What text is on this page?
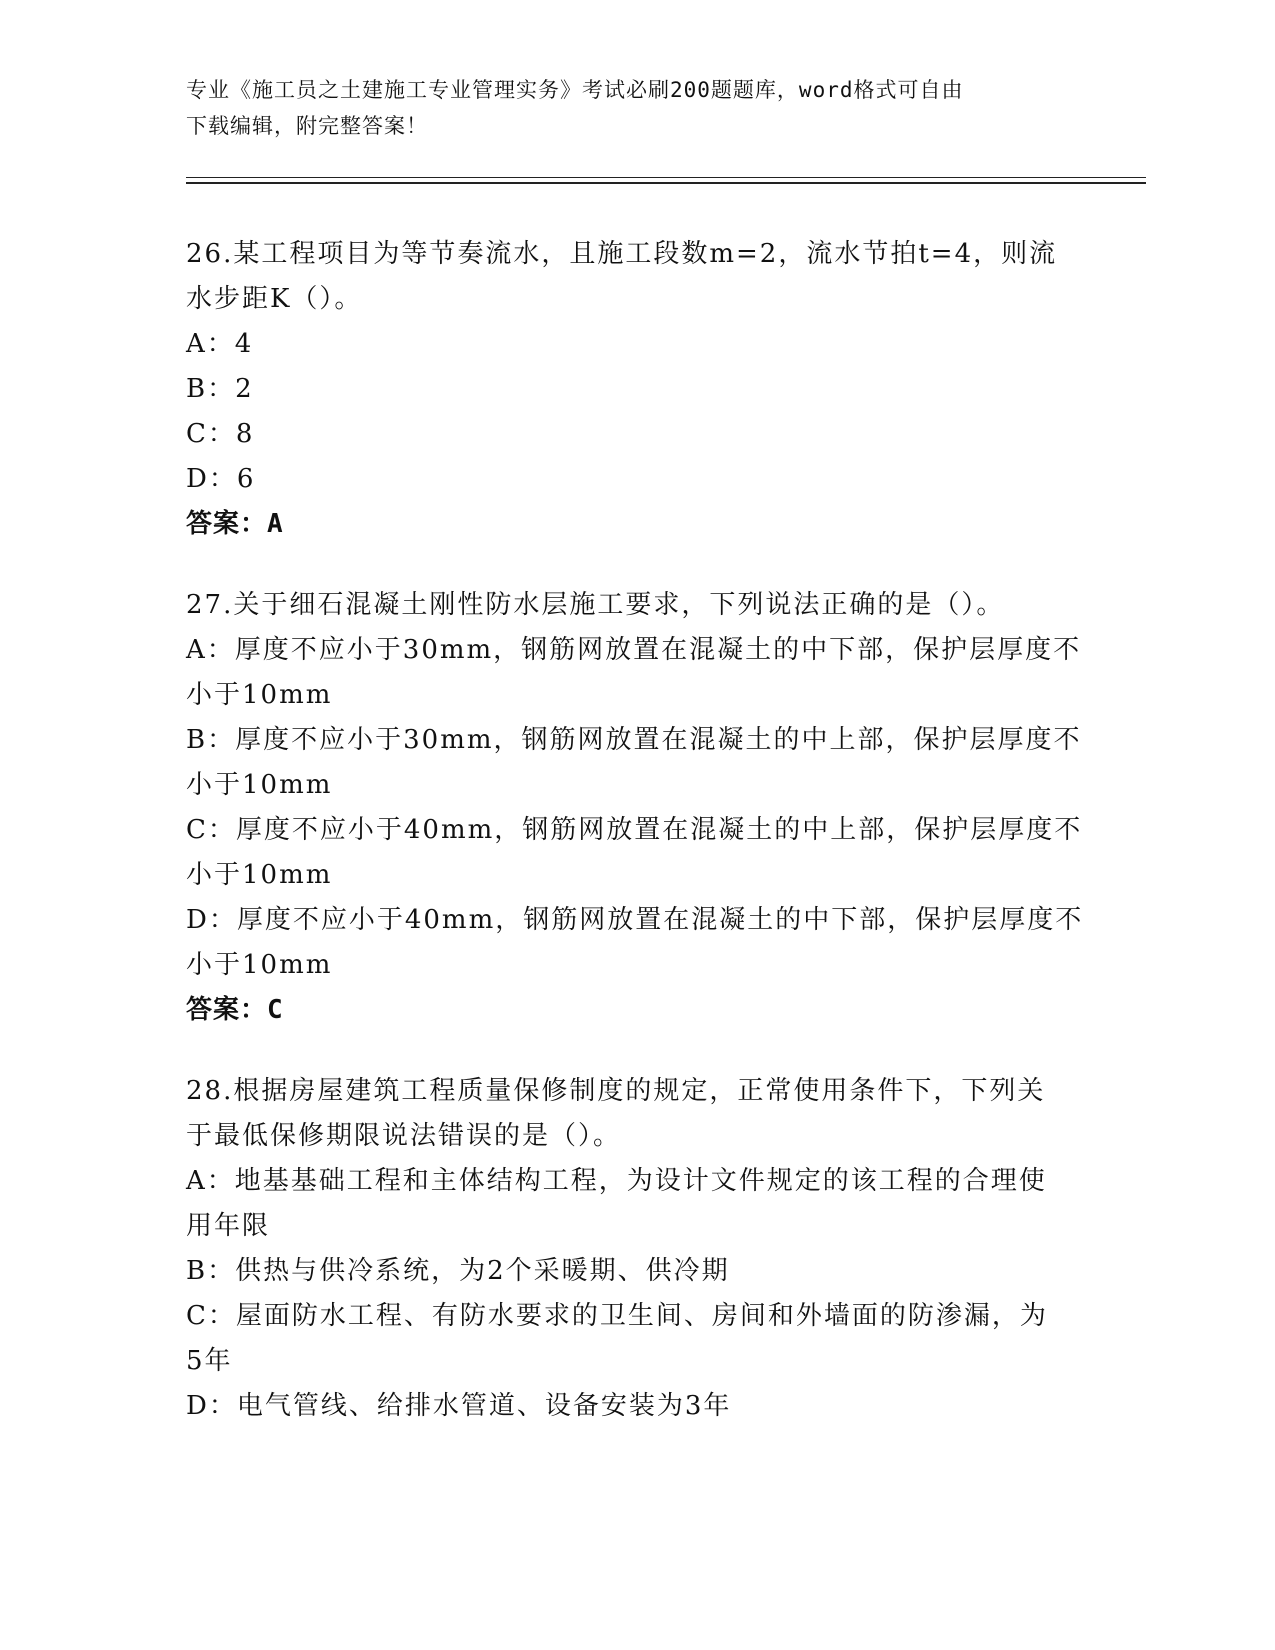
专业《施工员之土建施工专业管理实务》考试必刷200题题库，word格式可自由
下载编辑，附完整答案！

26.某工程项目为等节奏流水，且施工段数m=2，流水节拍t=4，则流
水步距K（）。

A：4

B：2

C：8

D：6

答案：A

27.关于细石混凝土刚性防水层施工要求，下列说法正确的是（）。

A：厚度不应小于30mm，钢筋网放置在混凝土的中下部，保护层厚度不
小于10mm

B：厚度不应小于30mm，钢筋网放置在混凝土的中上部，保护层厚度不
小于10mm

C：厚度不应小于40mm，钢筋网放置在混凝土的中上部，保护层厚度不
小于10mm

D：厚度不应小于40mm，钢筋网放置在混凝土的中下部，保护层厚度不
小于10mm

答案：C

28.根据房屋建筑工程质量保修制度的规定，正常使用条件下，下列关
于最低保修期限说法错误的是（）。

A：地基基础工程和主体结构工程，为设计文件规定的该工程的合理使
用年限

B：供热与供冷系统，为2个采暖期、供冷期

C：屋面防水工程、有防水要求的卫生间、房间和外墙面的防渗漏，为
5年

D：电气管线、给排水管道、设备安装为3年
